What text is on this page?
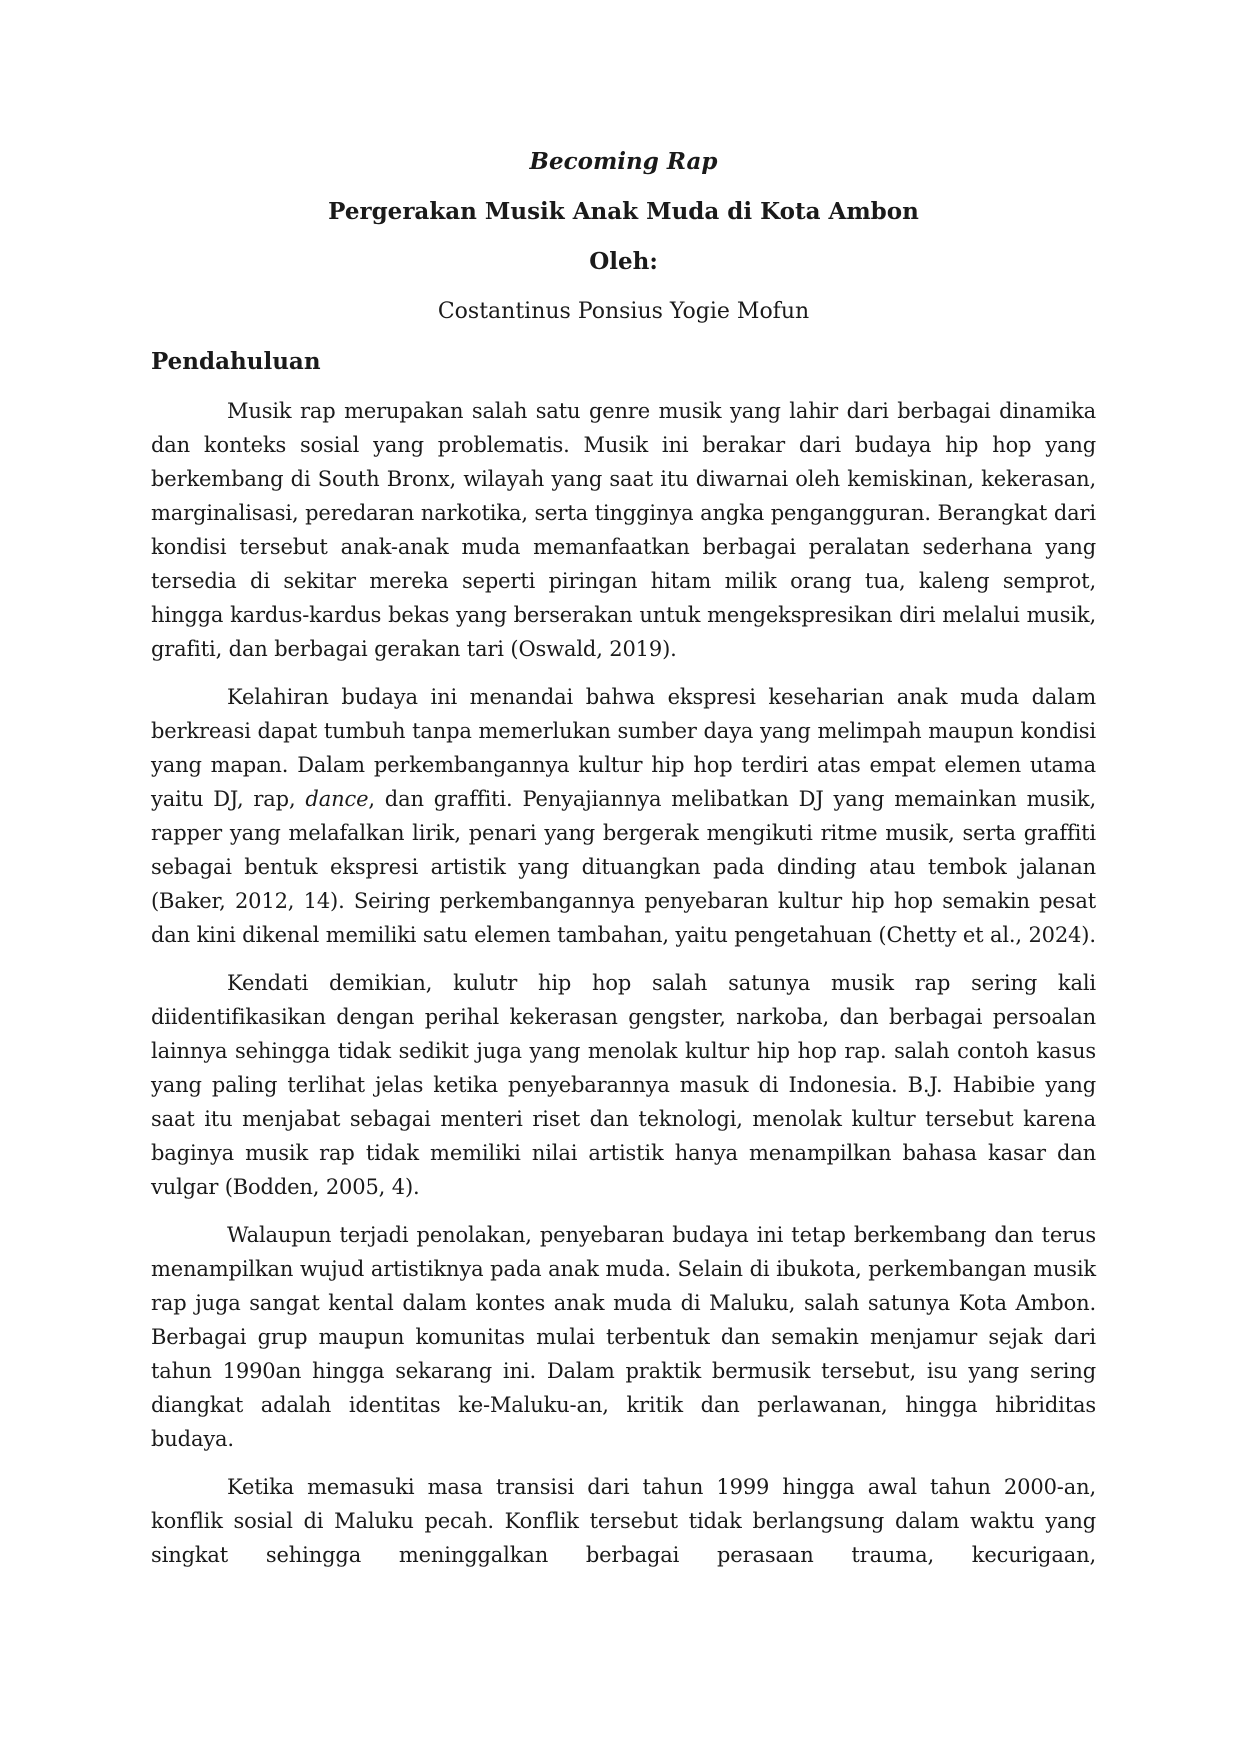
Becoming Rap
Pergerakan Musik Anak Muda di Kota Ambon
Oleh:
Costantinus Ponsius Yogie Mofun
Pendahuluan

Musik rap merupakan salah satu genre musik yang lahir dari berbagai dinamika dan konteks sosial yang problematis. Musik ini berakar dari budaya hip hop yang berkembang di South Bronx, wilayah yang saat itu diwarnai oleh kemiskinan, kekerasan, marginalisasi, peredaran narkotika, serta tingginya angka pengangguran. Berangkat dari kondisi tersebut anak-anak muda memanfaatkan berbagai peralatan sederhana yang tersedia di sekitar mereka seperti piringan hitam milik orang tua, kaleng semprot, hingga kardus-kardus bekas yang berserakan untuk mengekspresikan diri melalui musik, grafiti, dan berbagai gerakan tari (Oswald, 2019).

Kelahiran budaya ini menandai bahwa ekspresi keseharian anak muda dalam berkreasi dapat tumbuh tanpa memerlukan sumber daya yang melimpah maupun kondisi yang mapan. Dalam perkembangannya kultur hip hop terdiri atas empat elemen utama yaitu DJ, rap, dance, dan graffiti. Penyajiannya melibatkan DJ yang memainkan musik, rapper yang melafalkan lirik, penari yang bergerak mengikuti ritme musik, serta graffiti sebagai bentuk ekspresi artistik yang dituangkan pada dinding atau tembok jalanan (Baker, 2012, 14). Seiring perkembangannya penyebaran kultur hip hop semakin pesat dan kini dikenal memiliki satu elemen tambahan, yaitu pengetahuan (Chetty et al., 2024).

Kendati demikian, kulutr hip hop salah satunya musik rap sering kali diidentifikasikan dengan perihal kekerasan gengster, narkoba, dan berbagai persoalan lainnya sehingga tidak sedikit juga yang menolak kultur hip hop rap. salah contoh kasus yang paling terlihat jelas ketika penyebarannya masuk di Indonesia. B.J. Habibie yang saat itu menjabat sebagai menteri riset dan teknologi, menolak kultur tersebut karena baginya musik rap tidak memiliki nilai artistik hanya menampilkan bahasa kasar dan vulgar (Bodden, 2005, 4).

Walaupun terjadi penolakan, penyebaran budaya ini tetap berkembang dan terus menampilkan wujud artistiknya pada anak muda. Selain di ibukota, perkembangan musik rap juga sangat kental dalam kontes anak muda di Maluku, salah satunya Kota Ambon. Berbagai grup maupun komunitas mulai terbentuk dan semakin menjamur sejak dari tahun 1990an hingga sekarang ini. Dalam praktik bermusik tersebut, isu yang sering diangkat adalah identitas ke-Maluku-an, kritik dan perlawanan, hingga hibriditas budaya.

Ketika memasuki masa transisi dari tahun 1999 hingga awal tahun 2000-an, konflik sosial di Maluku pecah. Konflik tersebut tidak berlangsung dalam waktu yang singkat sehingga meninggalkan berbagai perasaan trauma, kecurigaan,
